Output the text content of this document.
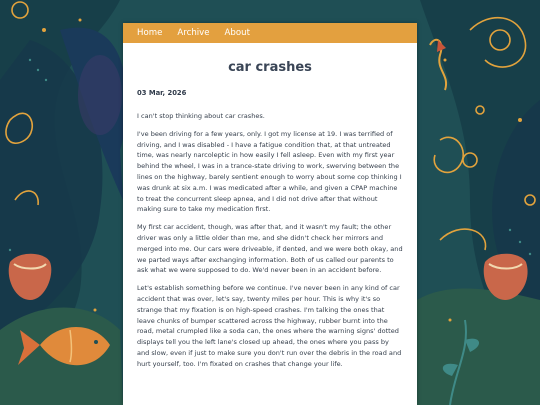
Home Archive About
car crashes
03 Mar, 2026

I can't stop thinking about car crashes.

I've been driving for a few years, only. I got my license at 19. I was terrified of driving, and I was disabled - I have a fatigue condition that, at that untreated time, was nearly narcoleptic in how easily I fell asleep. Even with my first year behind the wheel, I was in a trance-state driving to work, swerving between the lines on the highway, barely sentient enough to worry about some cop thinking I was drunk at six a.m. I was medicated after a while, and given a CPAP machine to treat the concurrent sleep apnea, and I did not drive after that without making sure to take my medication first.

My first car accident, though, was after that, and it wasn't my fault; the other driver was only a little older than me, and she didn't check her mirrors and merged into me. Our cars were driveable, if dented, and we were both okay, and we parted ways after exchanging information. Both of us called our parents to ask what we were supposed to do. We'd never been in an accident before.

Let's establish something before we continue. I've never been in any kind of car accident that was over, let's say, twenty miles per hour. This is why it's so strange that my fixation is on high-speed crashes. I'm talking the ones that leave chunks of bumper scattered across the highway, rubber burnt into the road, metal crumpled like a soda can, the ones where the warning signs' dotted displays tell you the left lane's closed up ahead, the ones where you pass by and slow, even if just to make sure you don't run over the debris in the road and hurt yourself, too. I'm fixated on crashes that change your life.
